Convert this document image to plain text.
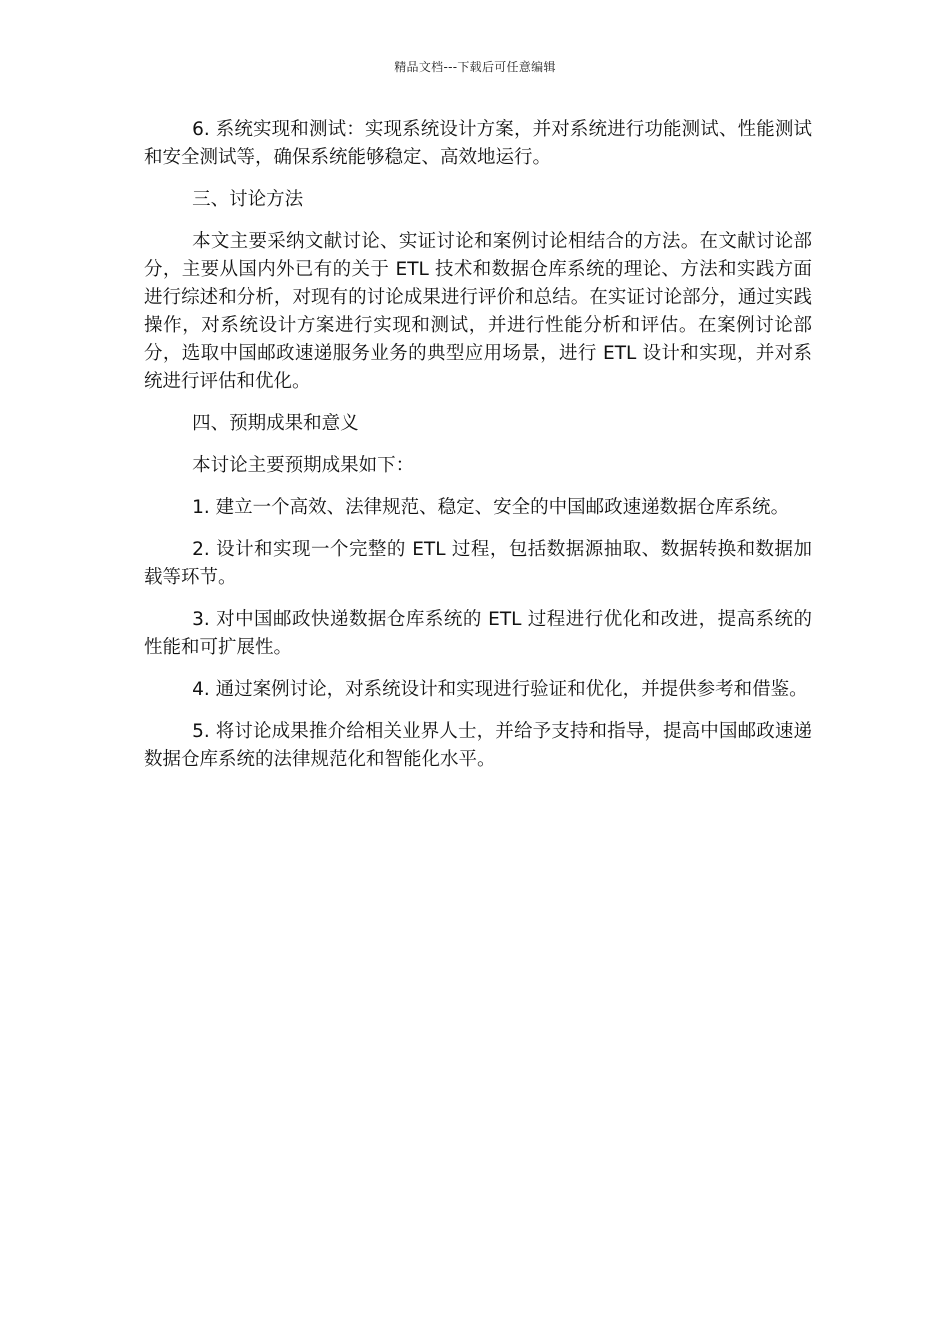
精品文档---下载后可任意编辑

6. 系统实现和测试：实现系统设计方案，并对系统进行功能测试、性能测试和安全测试等，确保系统能够稳定、高效地运行。

三、讨论方法

本文主要采纳文献讨论、实证讨论和案例讨论相结合的方法。在文献讨论部分，主要从国内外已有的关于 ETL 技术和数据仓库系统的理论、方法和实践方面进行综述和分析，对现有的讨论成果进行评价和总结。在实证讨论部分，通过实践操作，对系统设计方案进行实现和测试，并进行性能分析和评估。在案例讨论部分，选取中国邮政速递服务业务的典型应用场景，进行 ETL 设计和实现，并对系统进行评估和优化。

四、预期成果和意义

本讨论主要预期成果如下：

1. 建立一个高效、法律规范、稳定、安全的中国邮政速递数据仓库系统。

2. 设计和实现一个完整的 ETL 过程，包括数据源抽取、数据转换和数据加载等环节。

3. 对中国邮政快递数据仓库系统的 ETL 过程进行优化和改进，提高系统的性能和可扩展性。

4. 通过案例讨论，对系统设计和实现进行验证和优化，并提供参考和借鉴。

5. 将讨论成果推介给相关业界人士，并给予支持和指导，提高中国邮政速递数据仓库系统的法律规范化和智能化水平。
